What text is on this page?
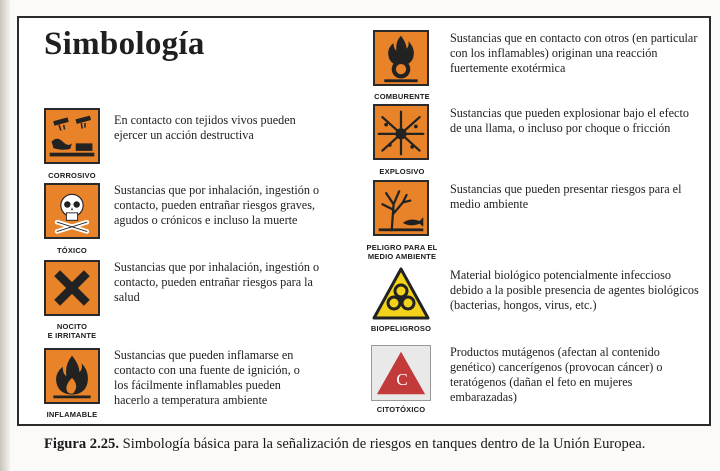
Simbología
CORROSIVO
En contacto con tejidos vivos pueden ejercer un acción destructiva
TÓXICO
Sustancias que por inhalación, ingestión o contacto, pueden entrañar riesgos graves, agudos o crónicos e incluso la muerte
NOCITO
E IRRITANTE
Sustancias que por inhalación, ingestión o contacto, pueden entrañar riesgos para la salud
INFLAMABLE
Sustancias que pueden inflamarse en contacto con una fuente de ignición, o los fácilmente inflamables pueden hacerlo a temperatura ambiente
COMBURENTE
Sustancias que en contacto con otros (en particular con los inflamables) originan una reacción fuertemente exotérmica
EXPLOSIVO
Sustancias que pueden explosionar bajo el efecto de una llama, o incluso por choque o fricción
PELIGRO PARA EL
MEDIO AMBIENTE
Sustancias que pueden presentar riesgos para el medio ambiente
BIOPELIGROSO
Material biológico potencialmente infeccioso debido a la posible presencia de agentes biológicos (bacterias, hongos, virus, etc.)
C
CITOTÓXICO
Productos mutágenos (afectan al contenido genético) cancerígenos (provocan cáncer) o teratógenos (dañan el feto en mujeres embarazadas)
Figura 2.25. Simbología básica para la señalización de riesgos en tanques dentro de la Unión Europea.
